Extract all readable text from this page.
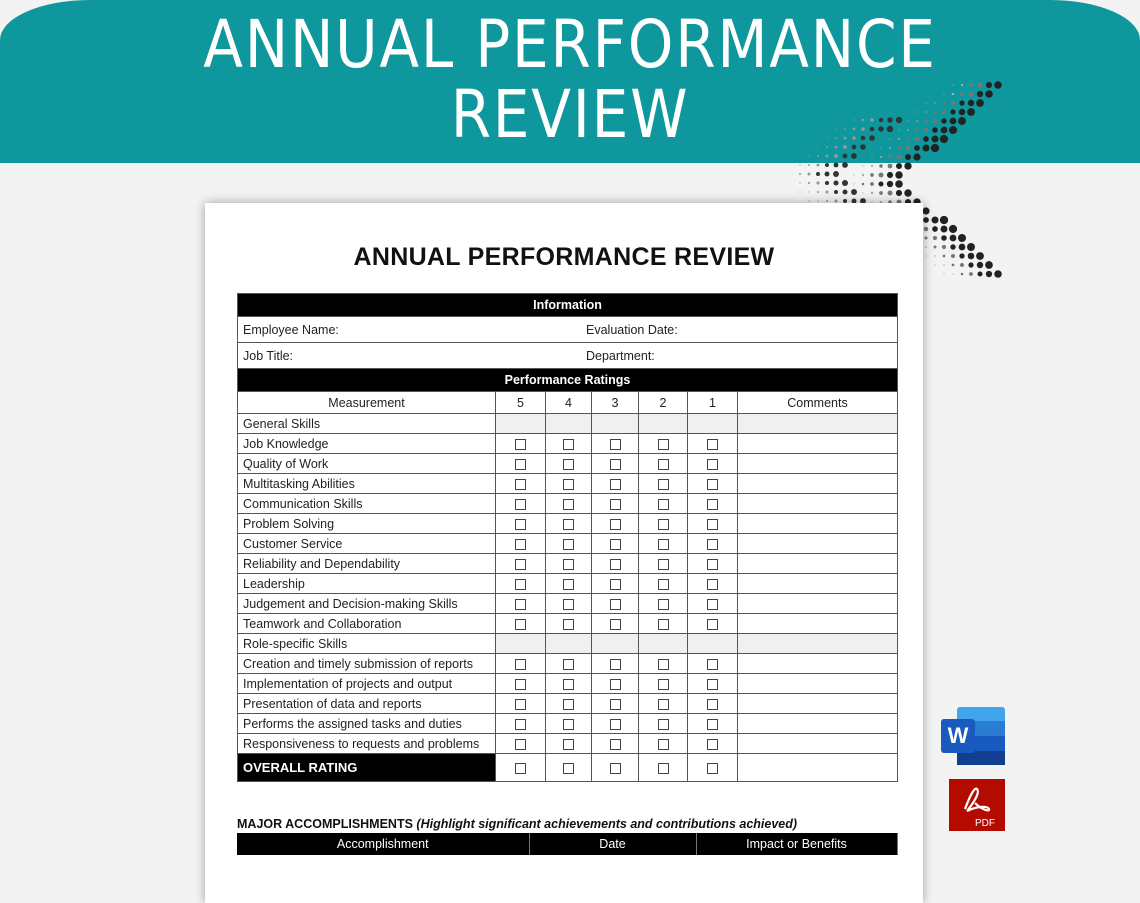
ANNUAL PERFORMANCE
REVIEW
ANNUAL PERFORMANCE REVIEW
Information						
Employee Name: Evaluation Date:						

Job Title: Department:						

Performance Ratings						
Measurement	5	4	3	2	1	Comments
General Skills						
Job Knowledge						
Quality of Work						
Multitasking Abilities						
Communication Skills						
Problem Solving						
Customer Service						
Reliability and Dependability						
Leadership						
Judgement and Decision-making Skills						
Teamwork and Collaboration						
Role-specific Skills						
Creation and timely submission of reports						
Implementation of projects and output						
Presentation of data and reports						
Performs the assigned tasks and duties						
Responsiveness to requests and problems						
OVERALL RATING						
MAJOR ACCOMPLISHMENTS (Highlight significant achievements and contributions achieved)
Accomplishment	Date	Impact or Benefits
W
PDF
